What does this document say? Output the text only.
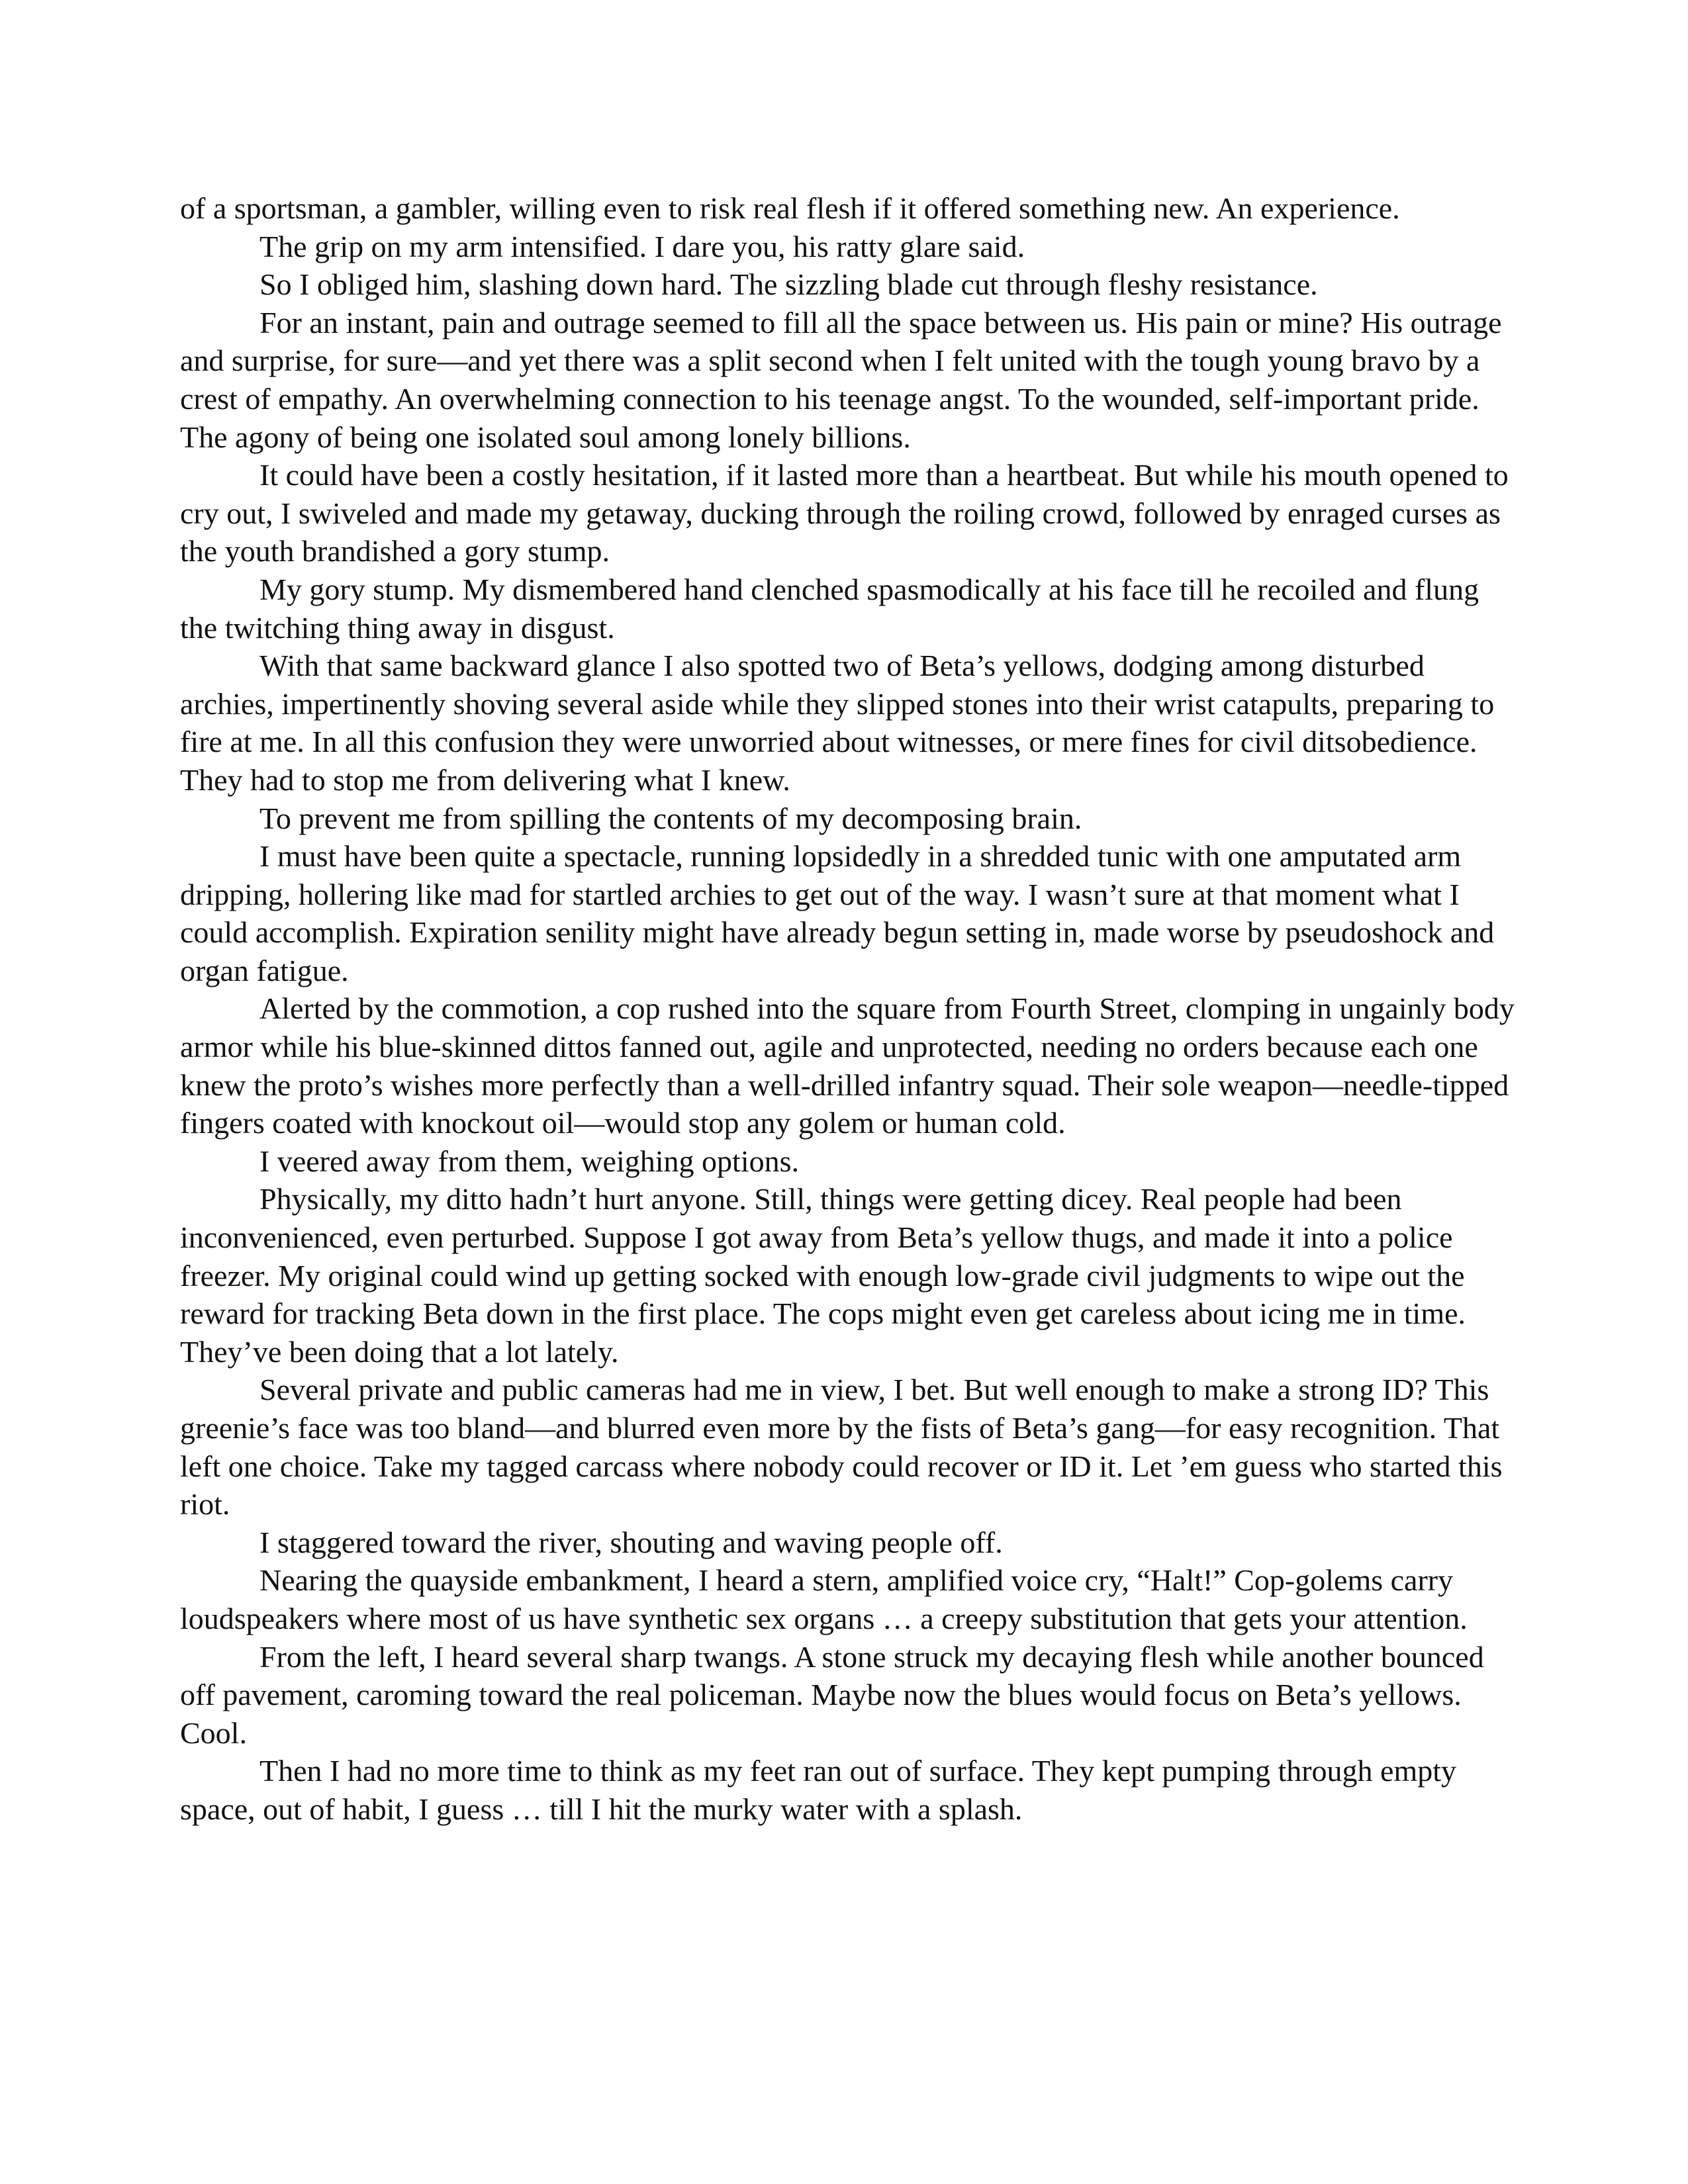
of a sportsman, a gambler, willing even to risk real flesh if it offered something new. An experience.

The grip on my arm intensified. I dare you, his ratty glare said.

So I obliged him, slashing down hard. The sizzling blade cut through fleshy resistance.

For an instant, pain and outrage seemed to fill all the space between us. His pain or mine? His outrage and surprise, for sure—and yet there was a split second when I felt united with the tough young bravo by a crest of empathy. An overwhelming connection to his teenage angst. To the wounded, self-important pride. The agony of being one isolated soul among lonely billions.

It could have been a costly hesitation, if it lasted more than a heartbeat. But while his mouth opened to cry out, I swiveled and made my getaway, ducking through the roiling crowd, followed by enraged curses as the youth brandished a gory stump.

My gory stump. My dismembered hand clenched spasmodically at his face till he recoiled and flung the twitching thing away in disgust.

With that same backward glance I also spotted two of Beta’s yellows, dodging among disturbed archies, impertinently shoving several aside while they slipped stones into their wrist catapults, preparing to fire at me. In all this confusion they were unworried about witnesses, or mere fines for civil ditsobedience. They had to stop me from delivering what I knew.

To prevent me from spilling the contents of my decomposing brain.

I must have been quite a spectacle, running lopsidedly in a shredded tunic with one amputated arm dripping, hollering like mad for startled archies to get out of the way. I wasn’t sure at that moment what I could accomplish. Expiration senility might have already begun setting in, made worse by pseudoshock and organ fatigue.

Alerted by the commotion, a cop rushed into the square from Fourth Street, clomping in ungainly body armor while his blue-skinned dittos fanned out, agile and unprotected, needing no orders because each one knew the proto’s wishes more perfectly than a well-drilled infantry squad. Their sole weapon—needle-tipped fingers coated with knockout oil—would stop any golem or human cold.

I veered away from them, weighing options.

Physically, my ditto hadn’t hurt anyone. Still, things were getting dicey. Real people had been inconvenienced, even perturbed. Suppose I got away from Beta’s yellow thugs, and made it into a police freezer. My original could wind up getting socked with enough low-grade civil judgments to wipe out the reward for tracking Beta down in the first place. The cops might even get careless about icing me in time. They’ve been doing that a lot lately.

Several private and public cameras had me in view, I bet. But well enough to make a strong ID? This greenie’s face was too bland—and blurred even more by the fists of Beta’s gang—for easy recognition. That left one choice. Take my tagged carcass where nobody could recover or ID it. Let ’em guess who started this riot.

I staggered toward the river, shouting and waving people off.

Nearing the quayside embankment, I heard a stern, amplified voice cry, “Halt!” Cop-golems carry loudspeakers where most of us have synthetic sex organs … a creepy substitution that gets your attention.

From the left, I heard several sharp twangs. A stone struck my decaying flesh while another bounced off pavement, caroming toward the real policeman. Maybe now the blues would focus on Beta’s yellows. Cool.

Then I had no more time to think as my feet ran out of surface. They kept pumping through empty space, out of habit, I guess … till I hit the murky water with a splash.
